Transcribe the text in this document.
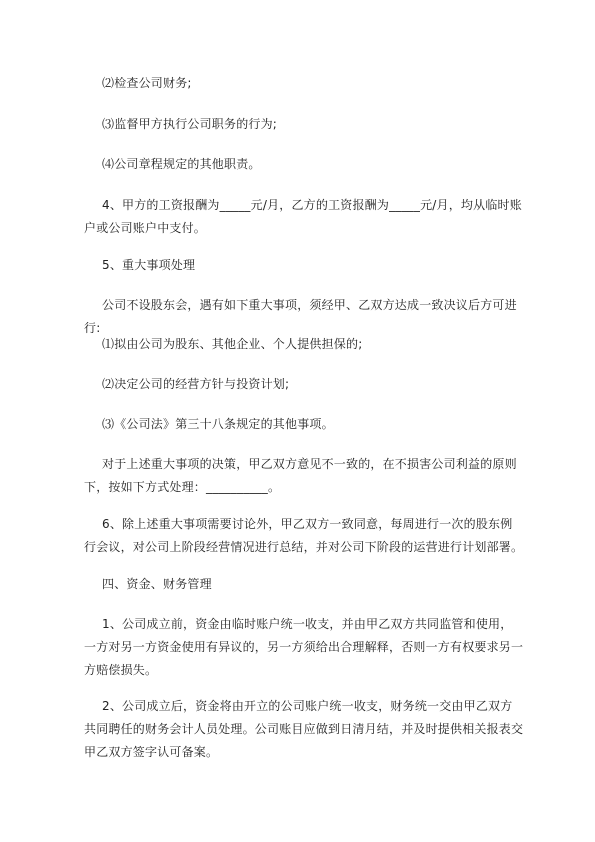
⑵检查公司财务;
⑶监督甲方执行公司职务的行为;
⑷公司章程规定的其他职责。
4、甲方的工资报酬为_____元/月，乙方的工资报酬为_____元/月，均从临时账户或公司账户中支付。
5、重大事项处理
公司不设股东会，遇有如下重大事项，须经甲、乙双方达成一致决议后方可进行:
⑴拟由公司为股东、其他企业、个人提供担保的;
⑵决定公司的经营方针与投资计划;
⑶《公司法》第三十八条规定的其他事项。
对于上述重大事项的决策，甲乙双方意见不一致的，在不损害公司利益的原则下，按如下方式处理：__________。
6、除上述重大事项需要讨论外，甲乙双方一致同意，每周进行一次的股东例行会议，对公司上阶段经营情况进行总结，并对公司下阶段的运营进行计划部署。
四、资金、财务管理
1、公司成立前，资金由临时账户统一收支，并由甲乙双方共同监管和使用，一方对另一方资金使用有异议的，另一方须给出合理解释，否则一方有权要求另一方赔偿损失。
2、公司成立后，资金将由开立的公司账户统一收支，财务统一交由甲乙双方共同聘任的财务会计人员处理。公司账目应做到日清月结，并及时提供相关报表交甲乙双方签字认可备案。
